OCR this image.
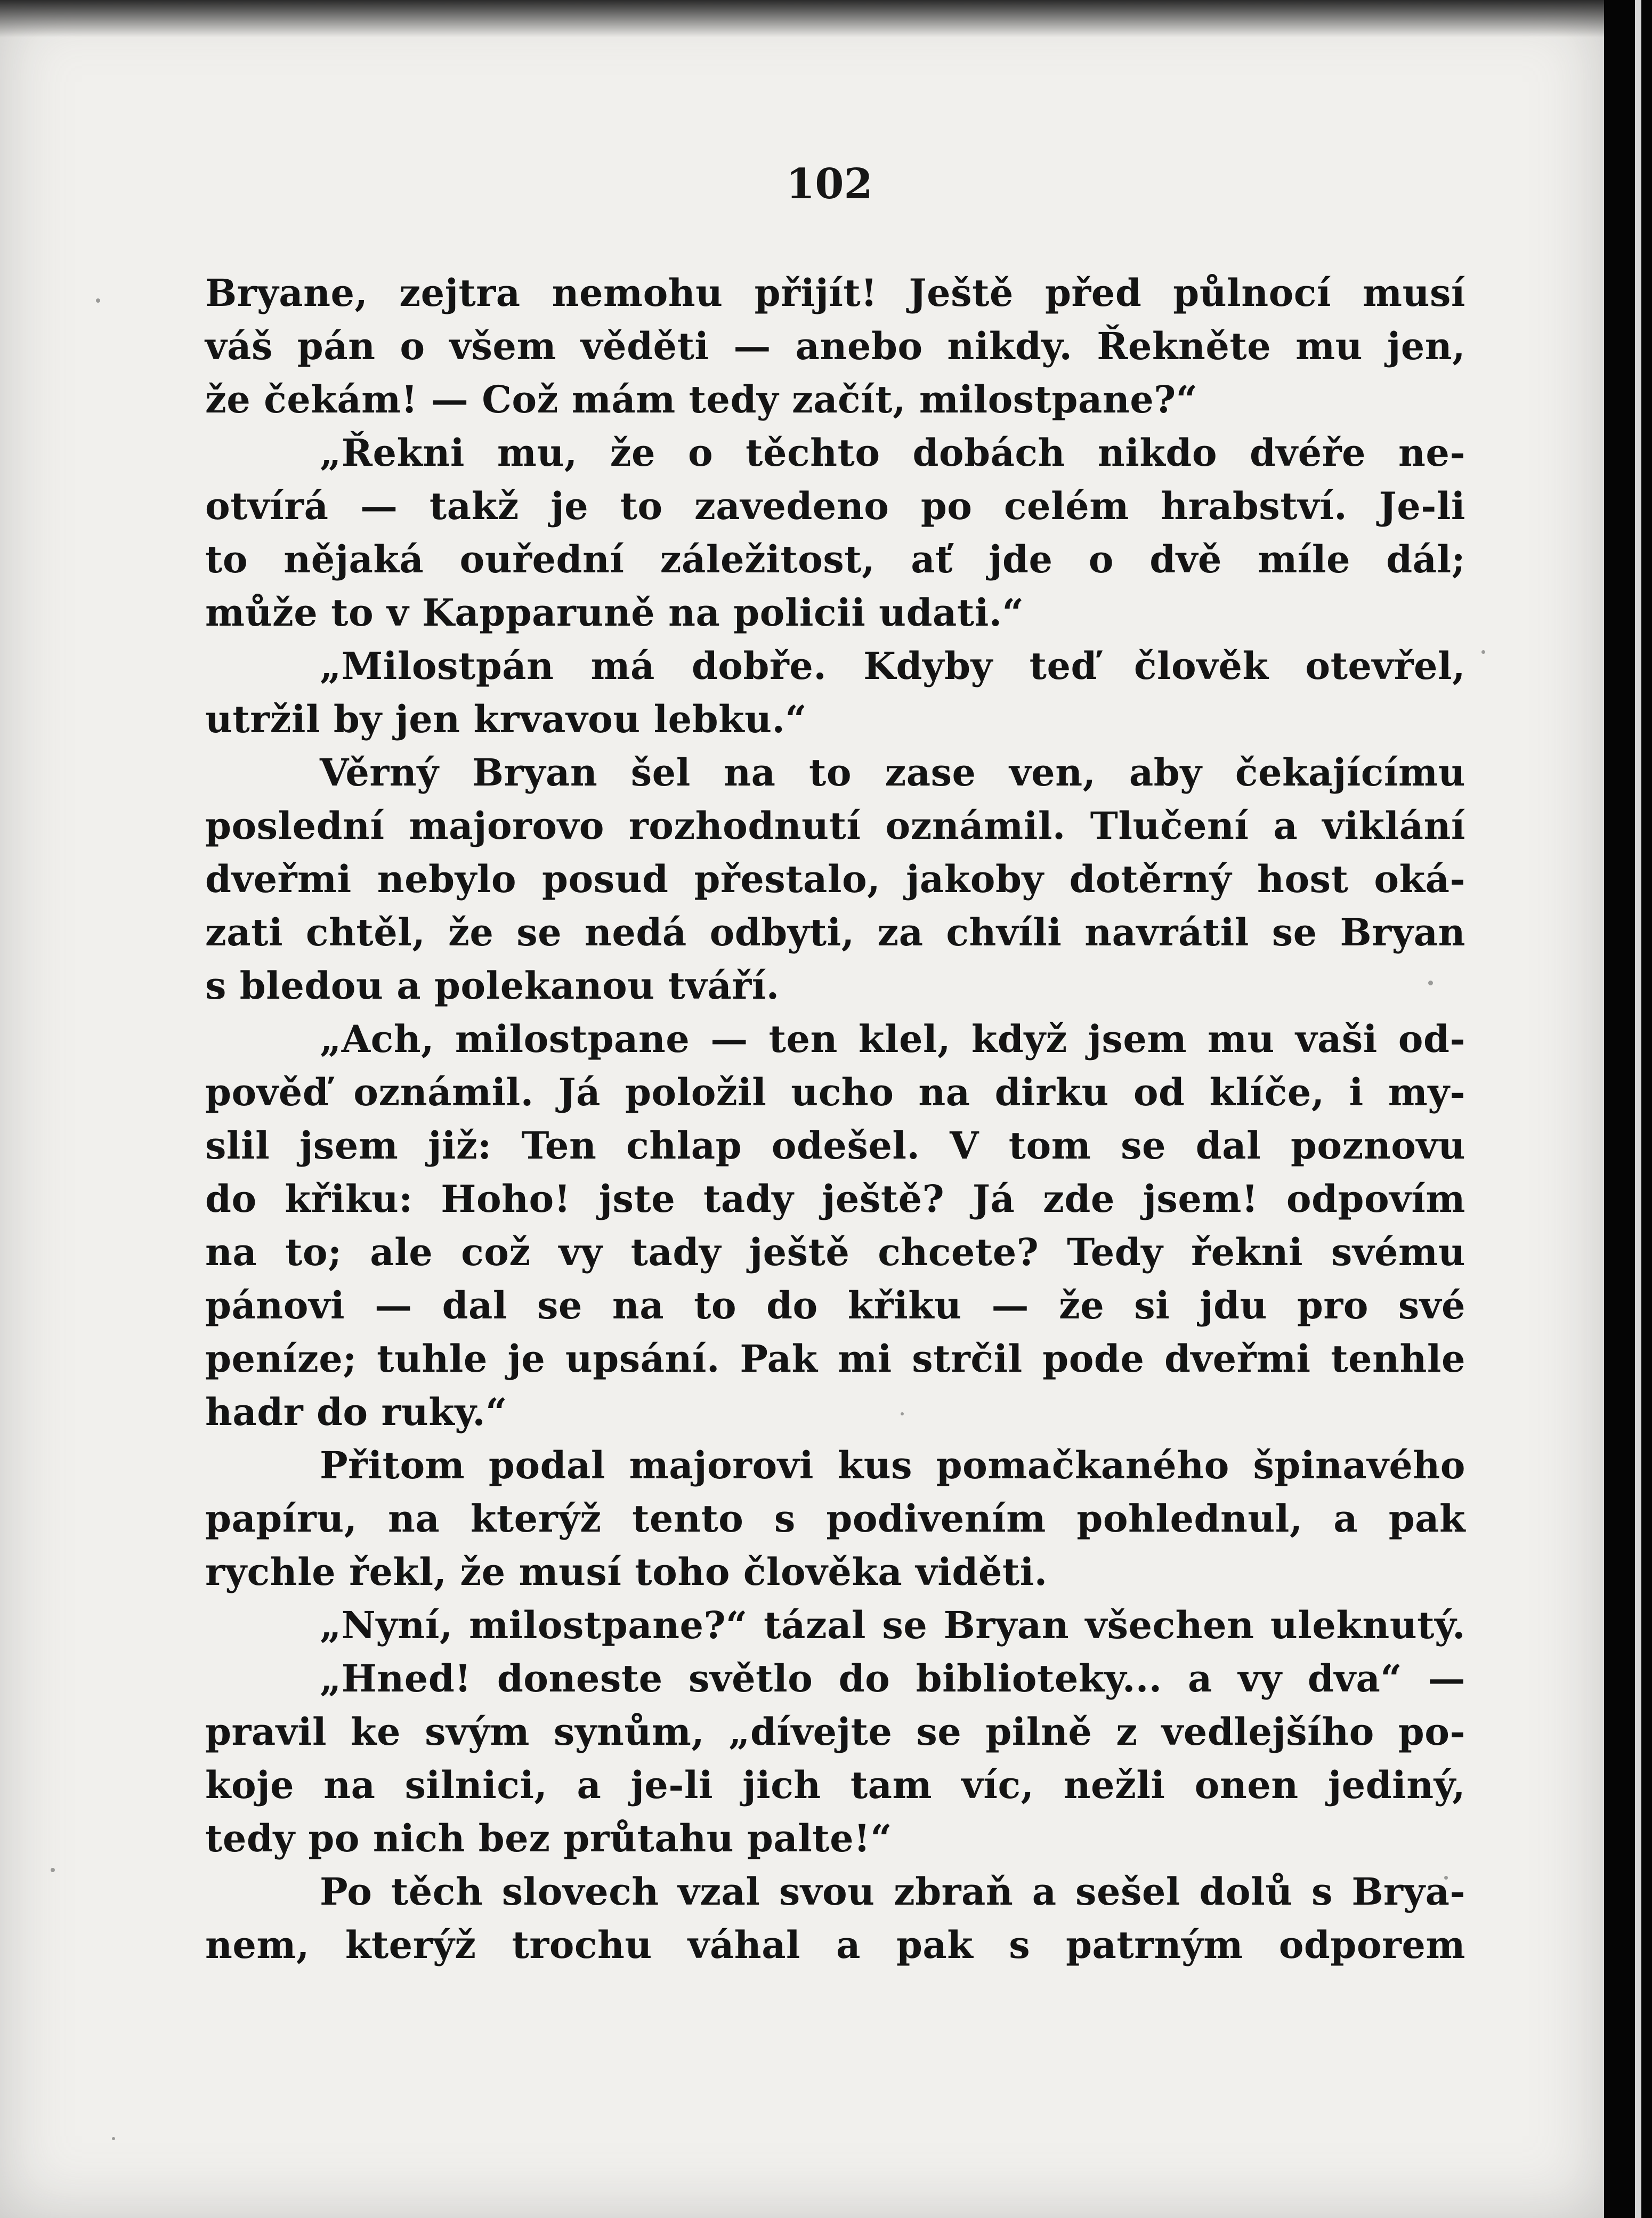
102
Bryane, zejtra nemohu přijít! Ještě před půlnocí musí
váš pán o všem věděti — anebo nikdy. Řekněte mu jen,
že čekám! — Což mám tedy začít, milostpane?“
„Řekni mu, že o těchto dobách nikdo dvéře ne-
otvírá — takž je to zavedeno po celém hrabství. Je-li
to nějaká ouřední záležitost, ať jde o dvě míle dál;
může to v Kapparuně na policii udati.“
„Milostpán má dobře. Kdyby teď člověk otevřel,
utržil by jen krvavou lebku.“
Věrný Bryan šel na to zase ven, aby čekajícímu
poslední majorovo rozhodnutí oznámil. Tlučení a viklání
dveřmi nebylo posud přestalo, jakoby dotěrný host oká-
zati chtěl, že se nedá odbyti, za chvíli navrátil se Bryan
s bledou a polekanou tváří.
„Ach, milostpane — ten klel, když jsem mu vaši od-
pověď oznámil. Já položil ucho na dirku od klíče, i my-
slil jsem již: Ten chlap odešel. V tom se dal poznovu
do křiku: Hoho! jste tady ještě? Já zde jsem! odpovím
na to; ale což vy tady ještě chcete? Tedy řekni svému
pánovi — dal se na to do křiku — že si jdu pro své
peníze; tuhle je upsání. Pak mi strčil pode dveřmi tenhle
hadr do ruky.“
Přitom podal majorovi kus pomačkaného špinavého
papíru, na kterýž tento s podivením pohlednul, a pak
rychle řekl, že musí toho člověka viděti.
„Nyní, milostpane?“ tázal se Bryan všechen uleknutý.
„Hned! doneste světlo do biblioteky... a vy dva“ —
pravil ke svým synům, „dívejte se pilně z vedlejšího po-
koje na silnici, a je-li jich tam víc, nežli onen jediný,
tedy po nich bez průtahu palte!“
Po těch slovech vzal svou zbraň a sešel dolů s Brya-
nem, kterýž trochu váhal a pak s patrným odporem
